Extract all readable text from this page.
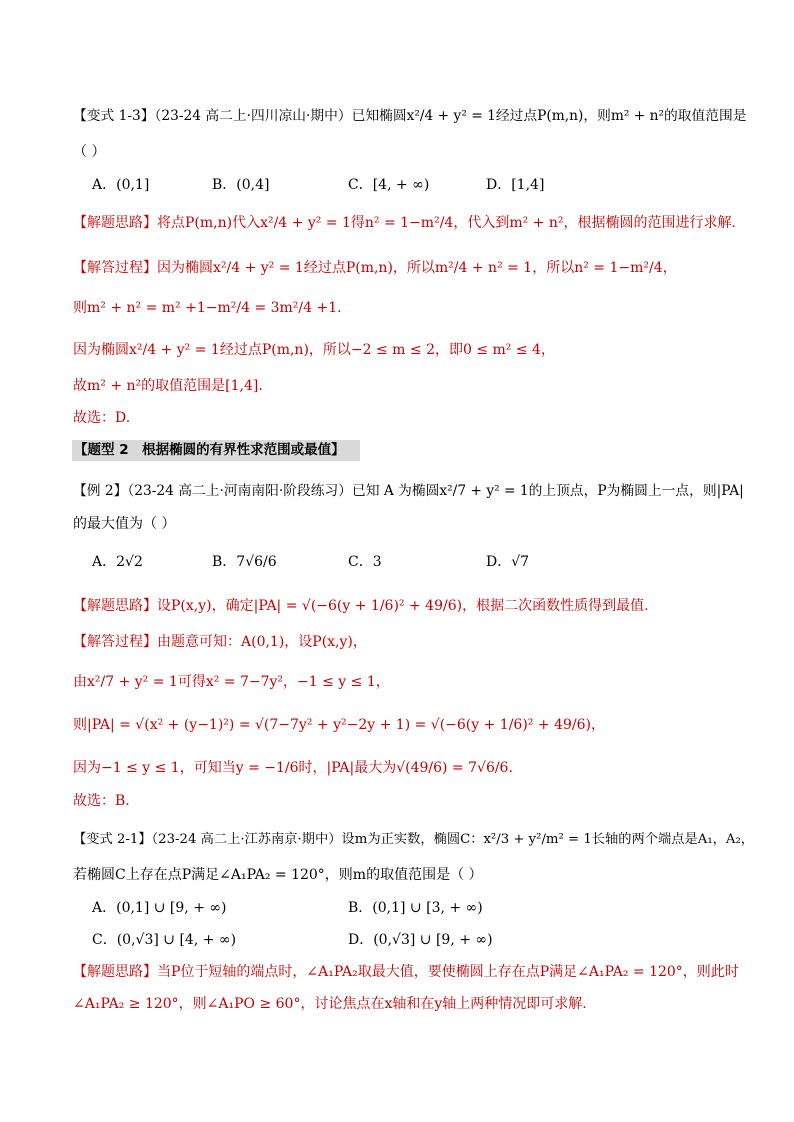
【变式 1-3】（23-24 高二上·四川凉山·期中）已知椭圆x²/4 + y² = 1经过点P(m,n)，则m² + n²的取值范围是
（ ）
A．(0,1]	B．(0,4]	C．[4, + ∞)	D．[1,4]
【解题思路】将点P(m,n)代入x²/4 + y² = 1得n² = 1−m²/4，代入到m² + n²，根据椭圆的范围进行求解.
【解答过程】因为椭圆x²/4 + y² = 1经过点P(m,n)，所以m²/4 + n² = 1，所以n² = 1−m²/4，
则m² + n² = m² +1−m²/4 = 3m²/4 +1.
因为椭圆x²/4 + y² = 1经过点P(m,n)，所以−2 ≤ m ≤ 2，即0 ≤ m² ≤ 4，
故m² + n²的取值范围是[1,4].
故选：D.
【题型 2　根据椭圆的有界性求范围或最值】
【例 2】（23-24 高二上·河南南阳·阶段练习）已知 A 为椭圆x²/7 + y² = 1的上顶点，P为椭圆上一点，则|PA|
的最大值为（ ）
A．2√2	B．7√6/6	C．3	D．√7
【解题思路】设P(x,y)，确定|PA| = √(−6(y + 1/6)² + 49/6)，根据二次函数性质得到最值.
【解答过程】由题意可知：A(0,1)，设P(x,y)，
由x²/7 + y² = 1可得x² = 7−7y²，−1 ≤ y ≤ 1，
则|PA| = √(x² + (y−1)²) = √(7−7y² + y²−2y + 1) = √(−6(y + 1/6)² + 49/6)，
因为−1 ≤ y ≤ 1，可知当y = −1/6时，|PA|最大为√(49/6) = 7√6/6.
故选：B.
【变式 2-1】（23-24 高二上·江苏南京·期中）设m为正实数，椭圆C：x²/3 + y²/m² = 1长轴的两个端点是A₁，A₂，
若椭圆C上存在点P满足∠A₁PA₂ = 120°，则m的取值范围是（ ）
A．(0,1] ∪ [9, + ∞)	B．(0,1] ∪ [3, + ∞)
C．(0,√3] ∪ [4, + ∞)	D．(0,√3] ∪ [9, + ∞)
【解题思路】当P位于短轴的端点时，∠A₁PA₂取最大值，要使椭圆上存在点P满足∠A₁PA₂ = 120°，则此时
∠A₁PA₂ ≥ 120°，则∠A₁PO ≥ 60°，讨论焦点在x轴和在y轴上两种情况即可求解.
